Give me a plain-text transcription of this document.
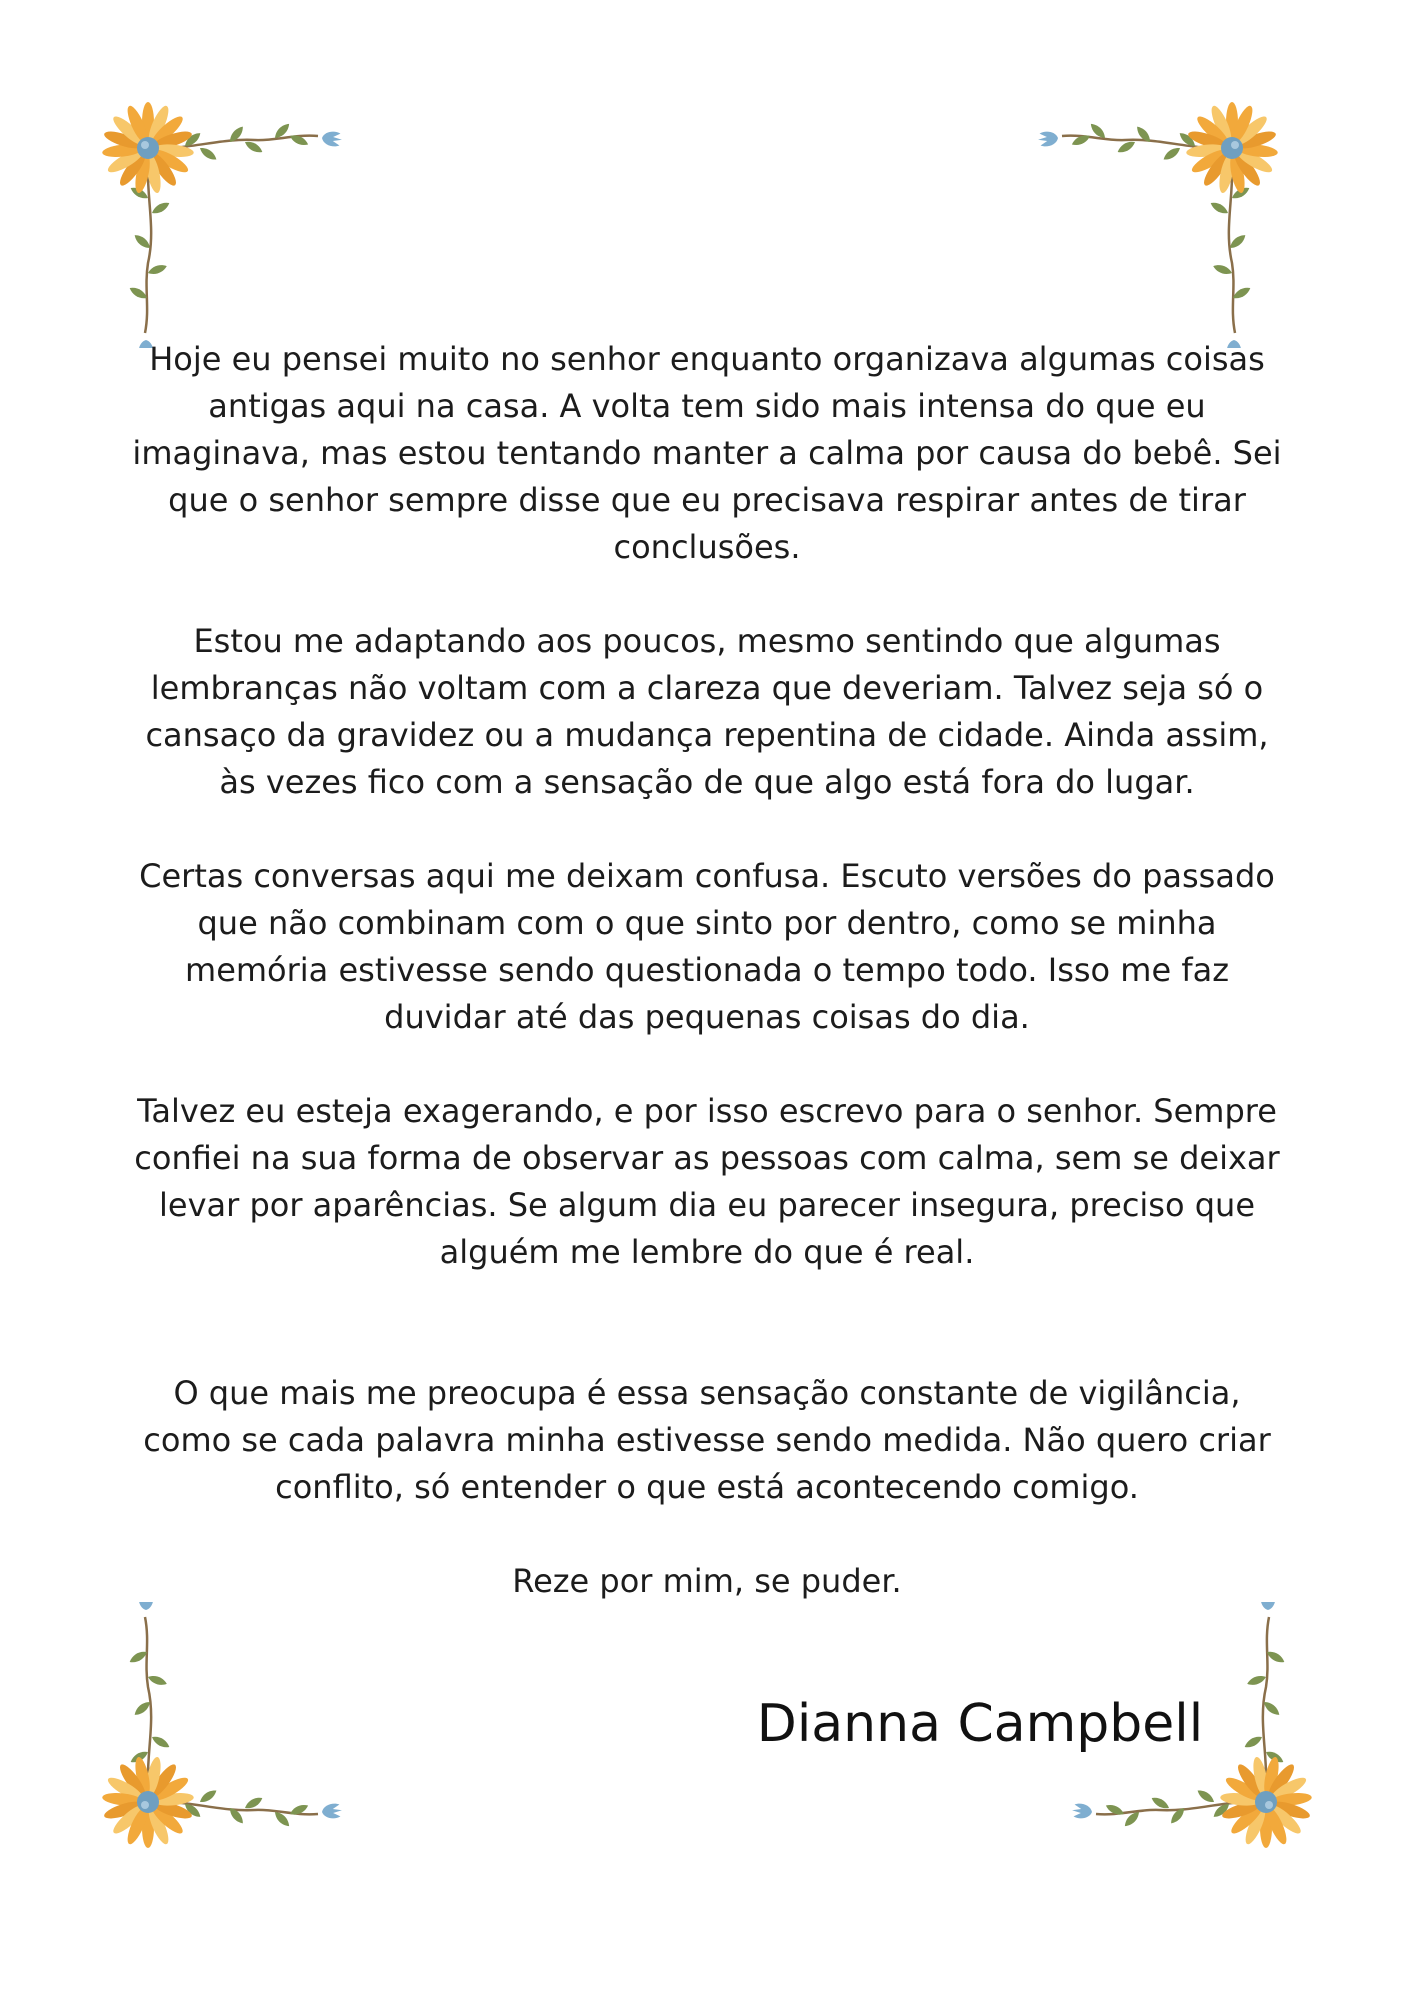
Hoje eu pensei muito no senhor enquanto organizava algumas coisas antigas aqui na casa. A volta tem sido mais intensa do que eu imaginava, mas estou tentando manter a calma por causa do bebê. Sei que o senhor sempre disse que eu precisava respirar antes de tirar conclusões.

Estou me adaptando aos poucos, mesmo sentindo que algumas lembranças não voltam com a clareza que deveriam. Talvez seja só o cansaço da gravidez ou a mudança repentina de cidade. Ainda assim, às vezes fico com a sensação de que algo está fora do lugar.

Certas conversas aqui me deixam confusa. Escuto versões do passado que não combinam com o que sinto por dentro, como se minha memória estivesse sendo questionada o tempo todo. Isso me faz duvidar até das pequenas coisas do dia.

Talvez eu esteja exagerando, e por isso escrevo para o senhor. Sempre confiei na sua forma de observar as pessoas com calma, sem se deixar levar por aparências. Se algum dia eu parecer insegura, preciso que alguém me lembre do que é real.

O que mais me preocupa é essa sensação constante de vigilância, como se cada palavra minha estivesse sendo medida. Não quero criar conflito, só entender o que está acontecendo comigo.

Reze por mim, se puder.

Dianna Campbell
